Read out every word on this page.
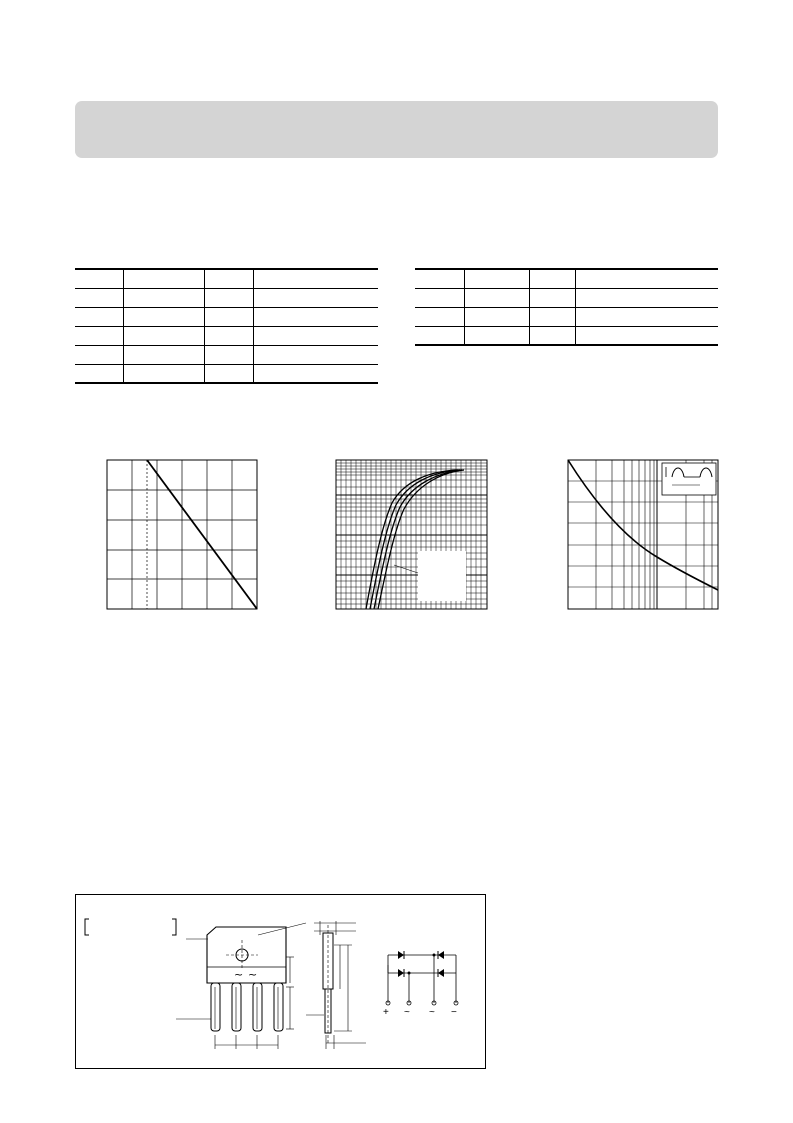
~ ~
+ ~ ~ −
